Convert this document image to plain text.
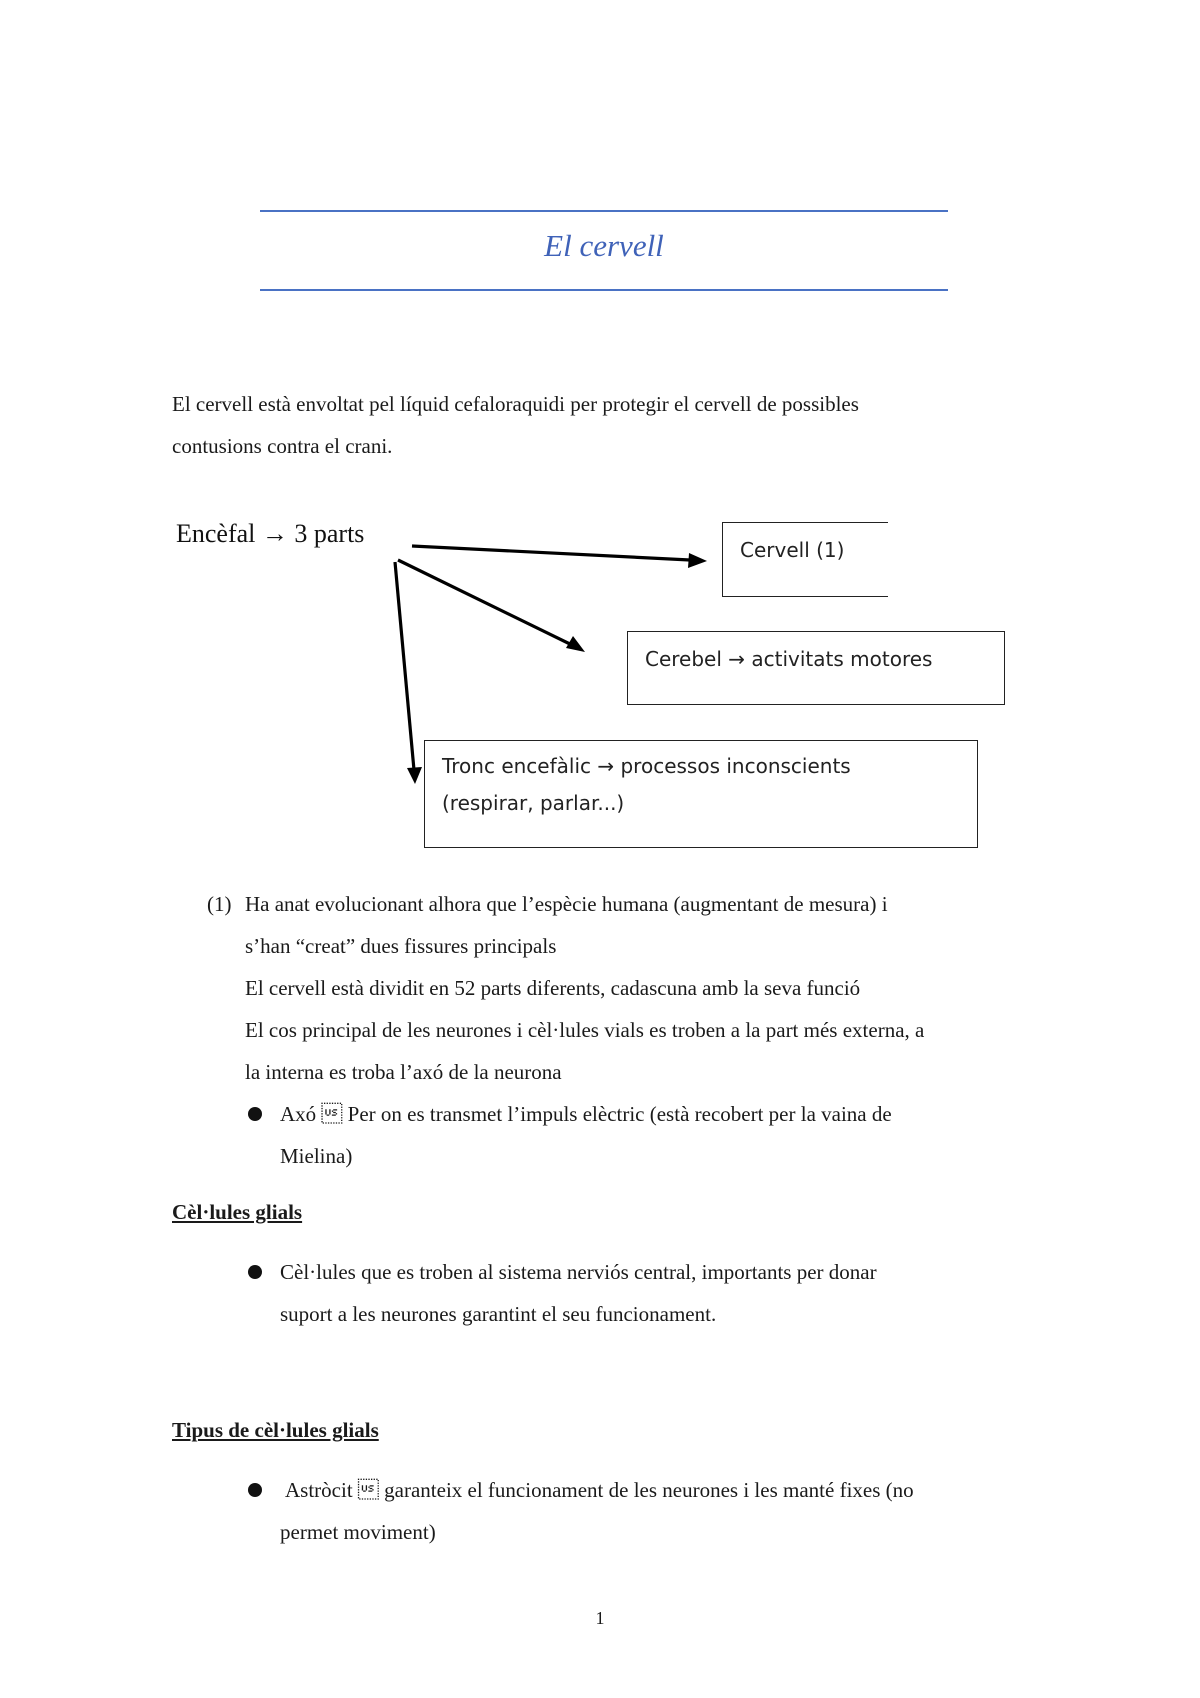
El cervell
El cervell està envoltat pel líquid cefaloraquidi per protegir el cervell de possibles
contusions contra el crani.
Encèfal → 3 parts
Cervell (1)
Cerebel → activitats motores
Tronc encefàlic → processos inconscients
(respirar, parlar...)
(1) Ha anat evolucionant alhora que l’espècie humana (augmentant de mesura) i
s’han “creat” dues fissures principals
El cervell està dividit en 52 parts diferents, cadascuna amb la seva funció
El cos principal de les neurones i cèl·lules vials es troben a la part més externa, a
la interna es troba l’axó de la neurona
Axó  Per on es transmet l’impuls elèctric (està recobert per la vaina de
Mielina)
Cèl·lules glials
Cèl·lules que es troben al sistema nerviós central, importants per donar
suport a les neurones garantint el seu funcionament.
Tipus de cèl·lules glials
Astròcit  garanteix el funcionament de les neurones i les manté fixes (no
permet moviment)
1
